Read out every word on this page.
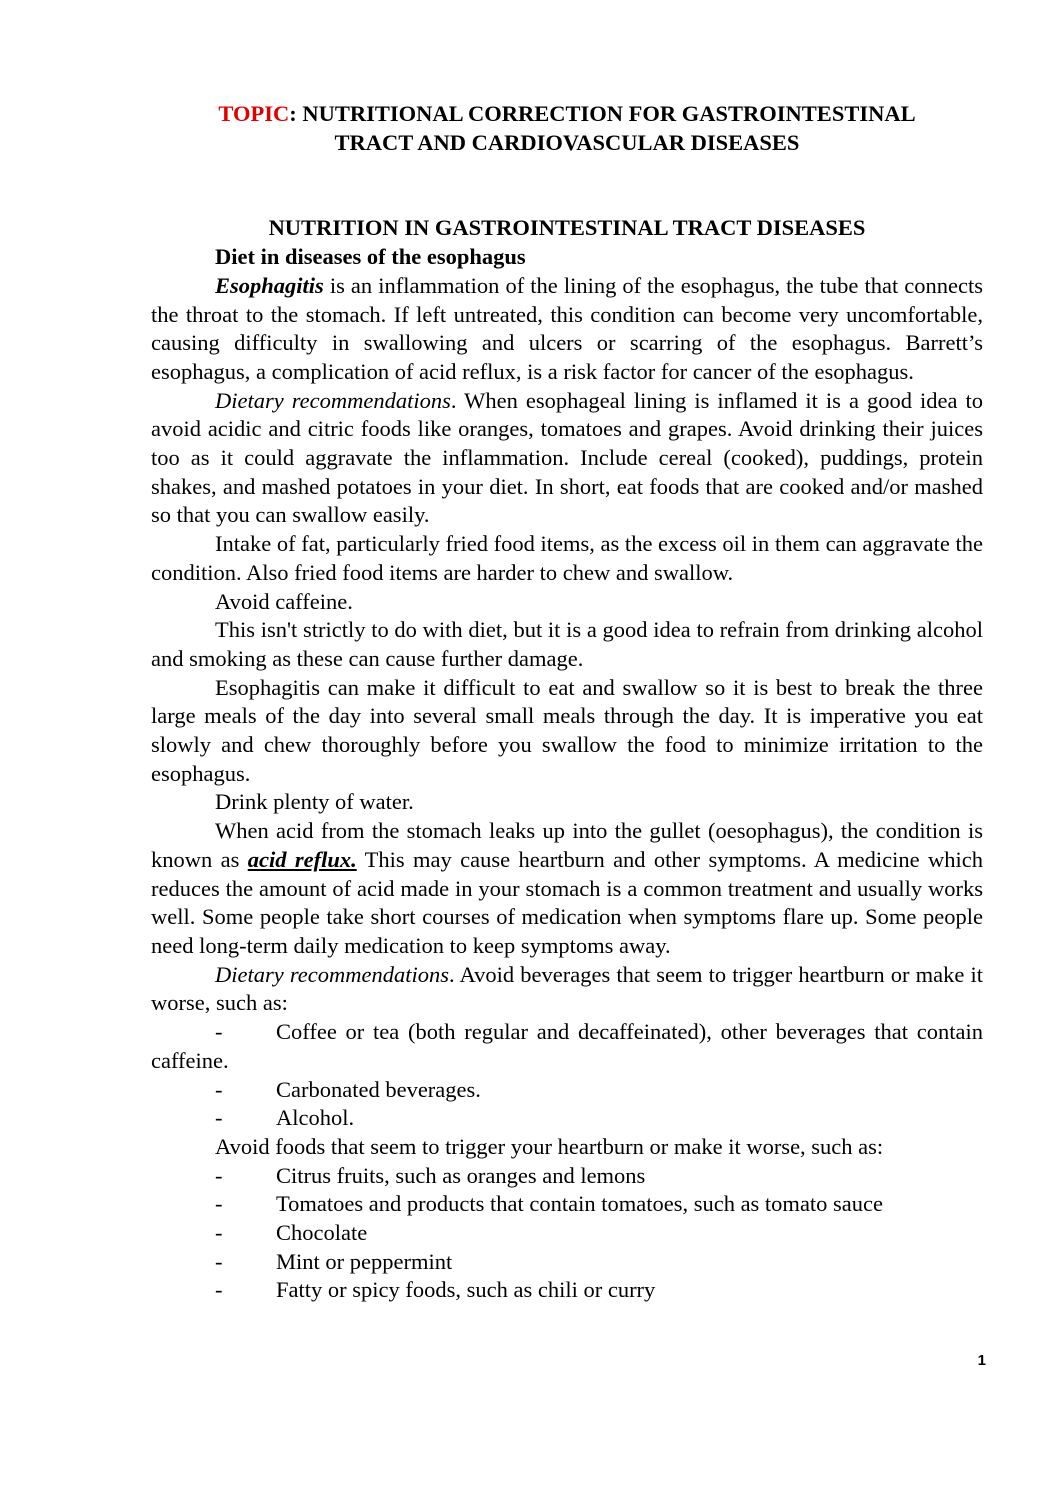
TOPIC: NUTRITIONAL CORRECTION FOR GASTROINTESTINAL
TRACT AND CARDIOVASCULAR DISEASES

NUTRITION IN GASTROINTESTINAL TRACT DISEASES

Diet in diseases of the esophagus

Esophagitis is an inflammation of the lining of the esophagus, the tube that connects the throat to the stomach. If left untreated, this condition can become very uncomfortable, causing difficulty in swallowing and ulcers or scarring of the esophagus. Barrett’s esophagus, a complication of acid reflux, is a risk factor for cancer of the esophagus.

Dietary recommendations. When esophageal lining is inflamed it is a good idea to avoid acidic and citric foods like oranges, tomatoes and grapes. Avoid drinking their juices too as it could aggravate the inflammation. Include cereal (cooked), puddings, protein shakes, and mashed potatoes in your diet. In short, eat foods that are cooked and/or mashed so that you can swallow easily.

Intake of fat, particularly fried food items, as the excess oil in them can aggravate the condition. Also fried food items are harder to chew and swallow.

Avoid caffeine.

This isn't strictly to do with diet, but it is a good idea to refrain from drinking alcohol and smoking as these can cause further damage.

Esophagitis can make it difficult to eat and swallow so it is best to break the three large meals of the day into several small meals through the day. It is imperative you eat slowly and chew thoroughly before you swallow the food to minimize irritation to the esophagus.

Drink plenty of water.

When acid from the stomach leaks up into the gullet (oesophagus), the condition is known as acid reflux. This may cause heartburn and other symptoms. A medicine which reduces the amount of acid made in your stomach is a common treatment and usually works well. Some people take short courses of medication when symptoms flare up. Some people need long-term daily medication to keep symptoms away.

Dietary recommendations. Avoid beverages that seem to trigger heartburn or make it worse, such as:

- Coffee or tea (both regular and decaffeinated), other beverages that contain caffeine.

-	Carbonated beverages.
-	Alcohol.

Avoid foods that seem to trigger your heartburn or make it worse, such as:

-	Citrus fruits, such as oranges and lemons
-	Tomatoes and products that contain tomatoes, such as tomato sauce
-	Chocolate
-	Mint or peppermint
-	Fatty or spicy foods, such as chili or curry
1
